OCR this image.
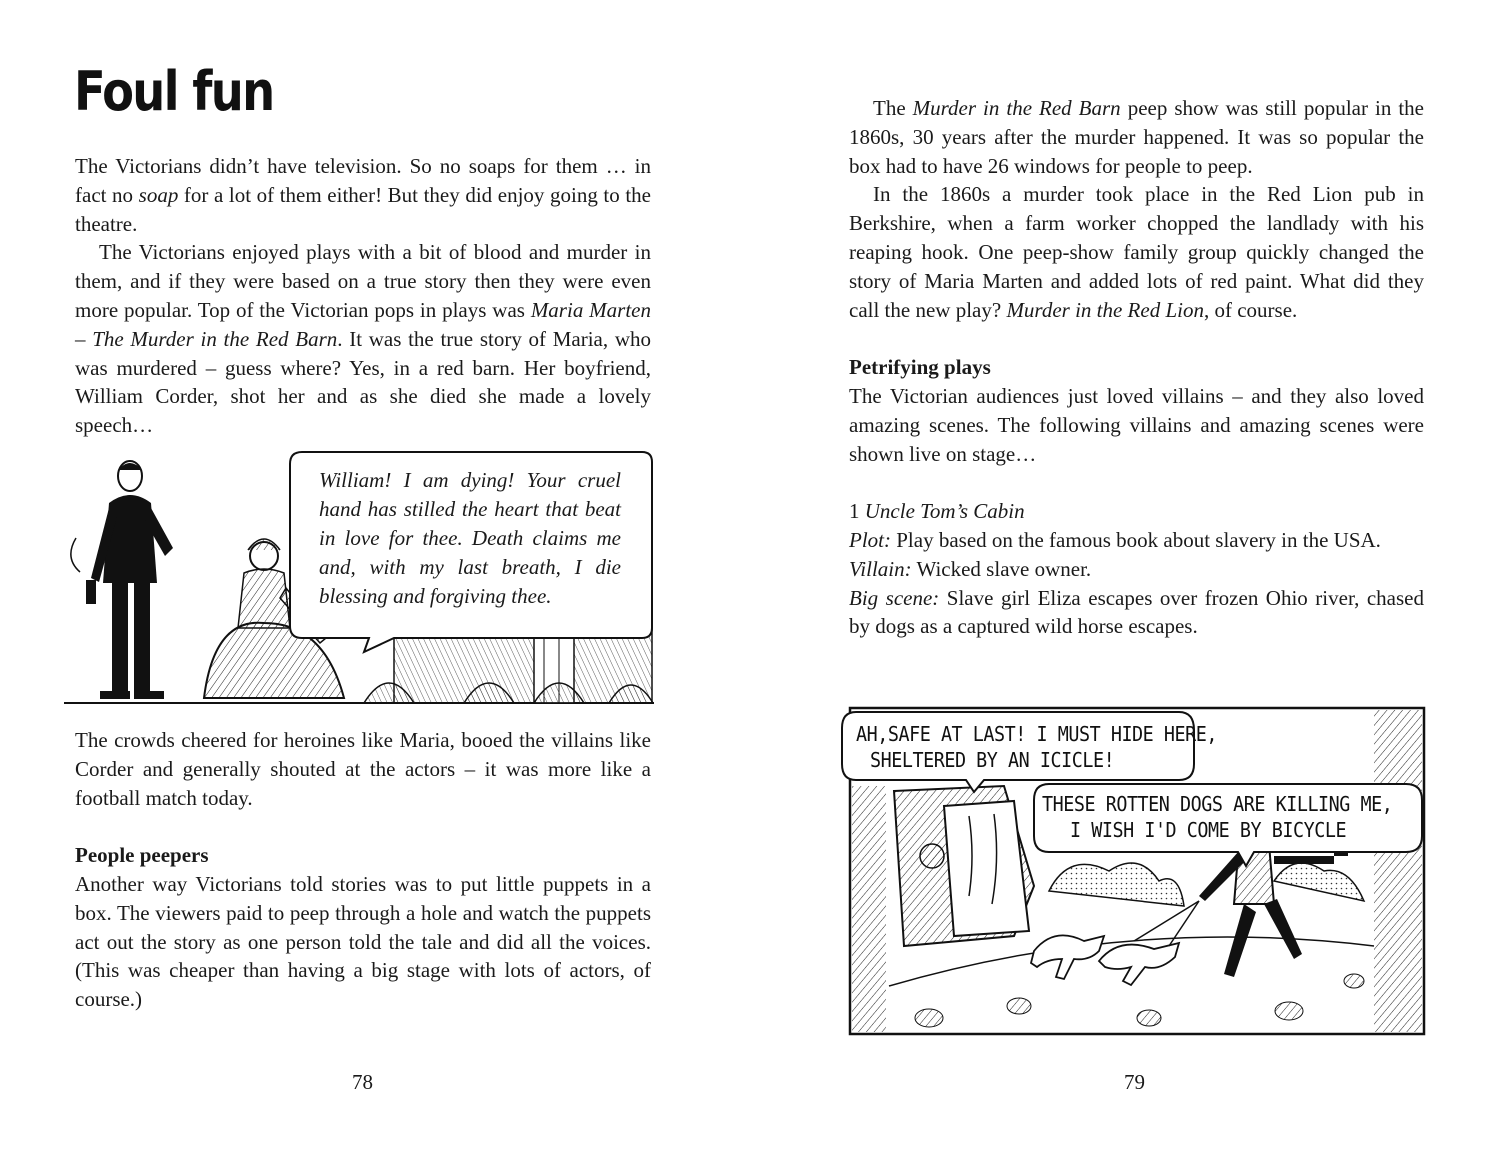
Foul fun

The Victorians didn’t have television. So no soaps for them … in fact no soap for a lot of them either! But they did enjoy going to the theatre.

The Victorians enjoyed plays with a bit of blood and murder in them, and if they were based on a true story then they were even more popular. Top of the Victorian pops in plays was Maria Marten – The Murder in the Red Barn. It was the true story of Maria, who was murdered – guess where? Yes, in a red barn. Her boyfriend, William Corder, shot her and as she died she made a lovely speech…

William! I am dying! Your cruel hand has stilled the heart that beat in love for thee. Death claims me and, with my last breath, I die blessing and forgiving thee.

The crowds cheered for heroines like Maria, booed the villains like Corder and generally shouted at the actors – it was more like a football match today.

People peepers

Another way Victorians told stories was to put little puppets in a box. The viewers paid to peep through a hole and watch the puppets act out the story as one person told the tale and did all the voices. (This was cheaper than having a big stage with lots of actors, of course.)

78

The Murder in the Red Barn peep show was still popular in the 1860s, 30 years after the murder happened. It was so popular the box had to have 26 windows for people to peep.

In the 1860s a murder took place in the Red Lion pub in Berkshire, when a farm worker chopped the landlady with his reaping hook. One peep-show family group quickly changed the story of Maria Marten and added lots of red paint. What did they call the new play? Murder in the Red Lion, of course.

Petrifying plays

The Victorian audiences just loved villains – and they also loved amazing scenes. The following villains and amazing scenes were shown live on stage…

1 Uncle Tom’s Cabin

Plot: Play based on the famous book about slavery in the USA.

Villain: Wicked slave owner.

Big scene: Slave girl Eliza escapes over frozen Ohio river, chased by dogs as a captured wild horse escapes.

AH,SAFE AT LAST! I MUST HIDE HERE,
SHELTERED BY AN ICICLE!
THESE ROTTEN DOGS ARE KILLING ME,
I WISH I'D COME BY BICYCLE
79
